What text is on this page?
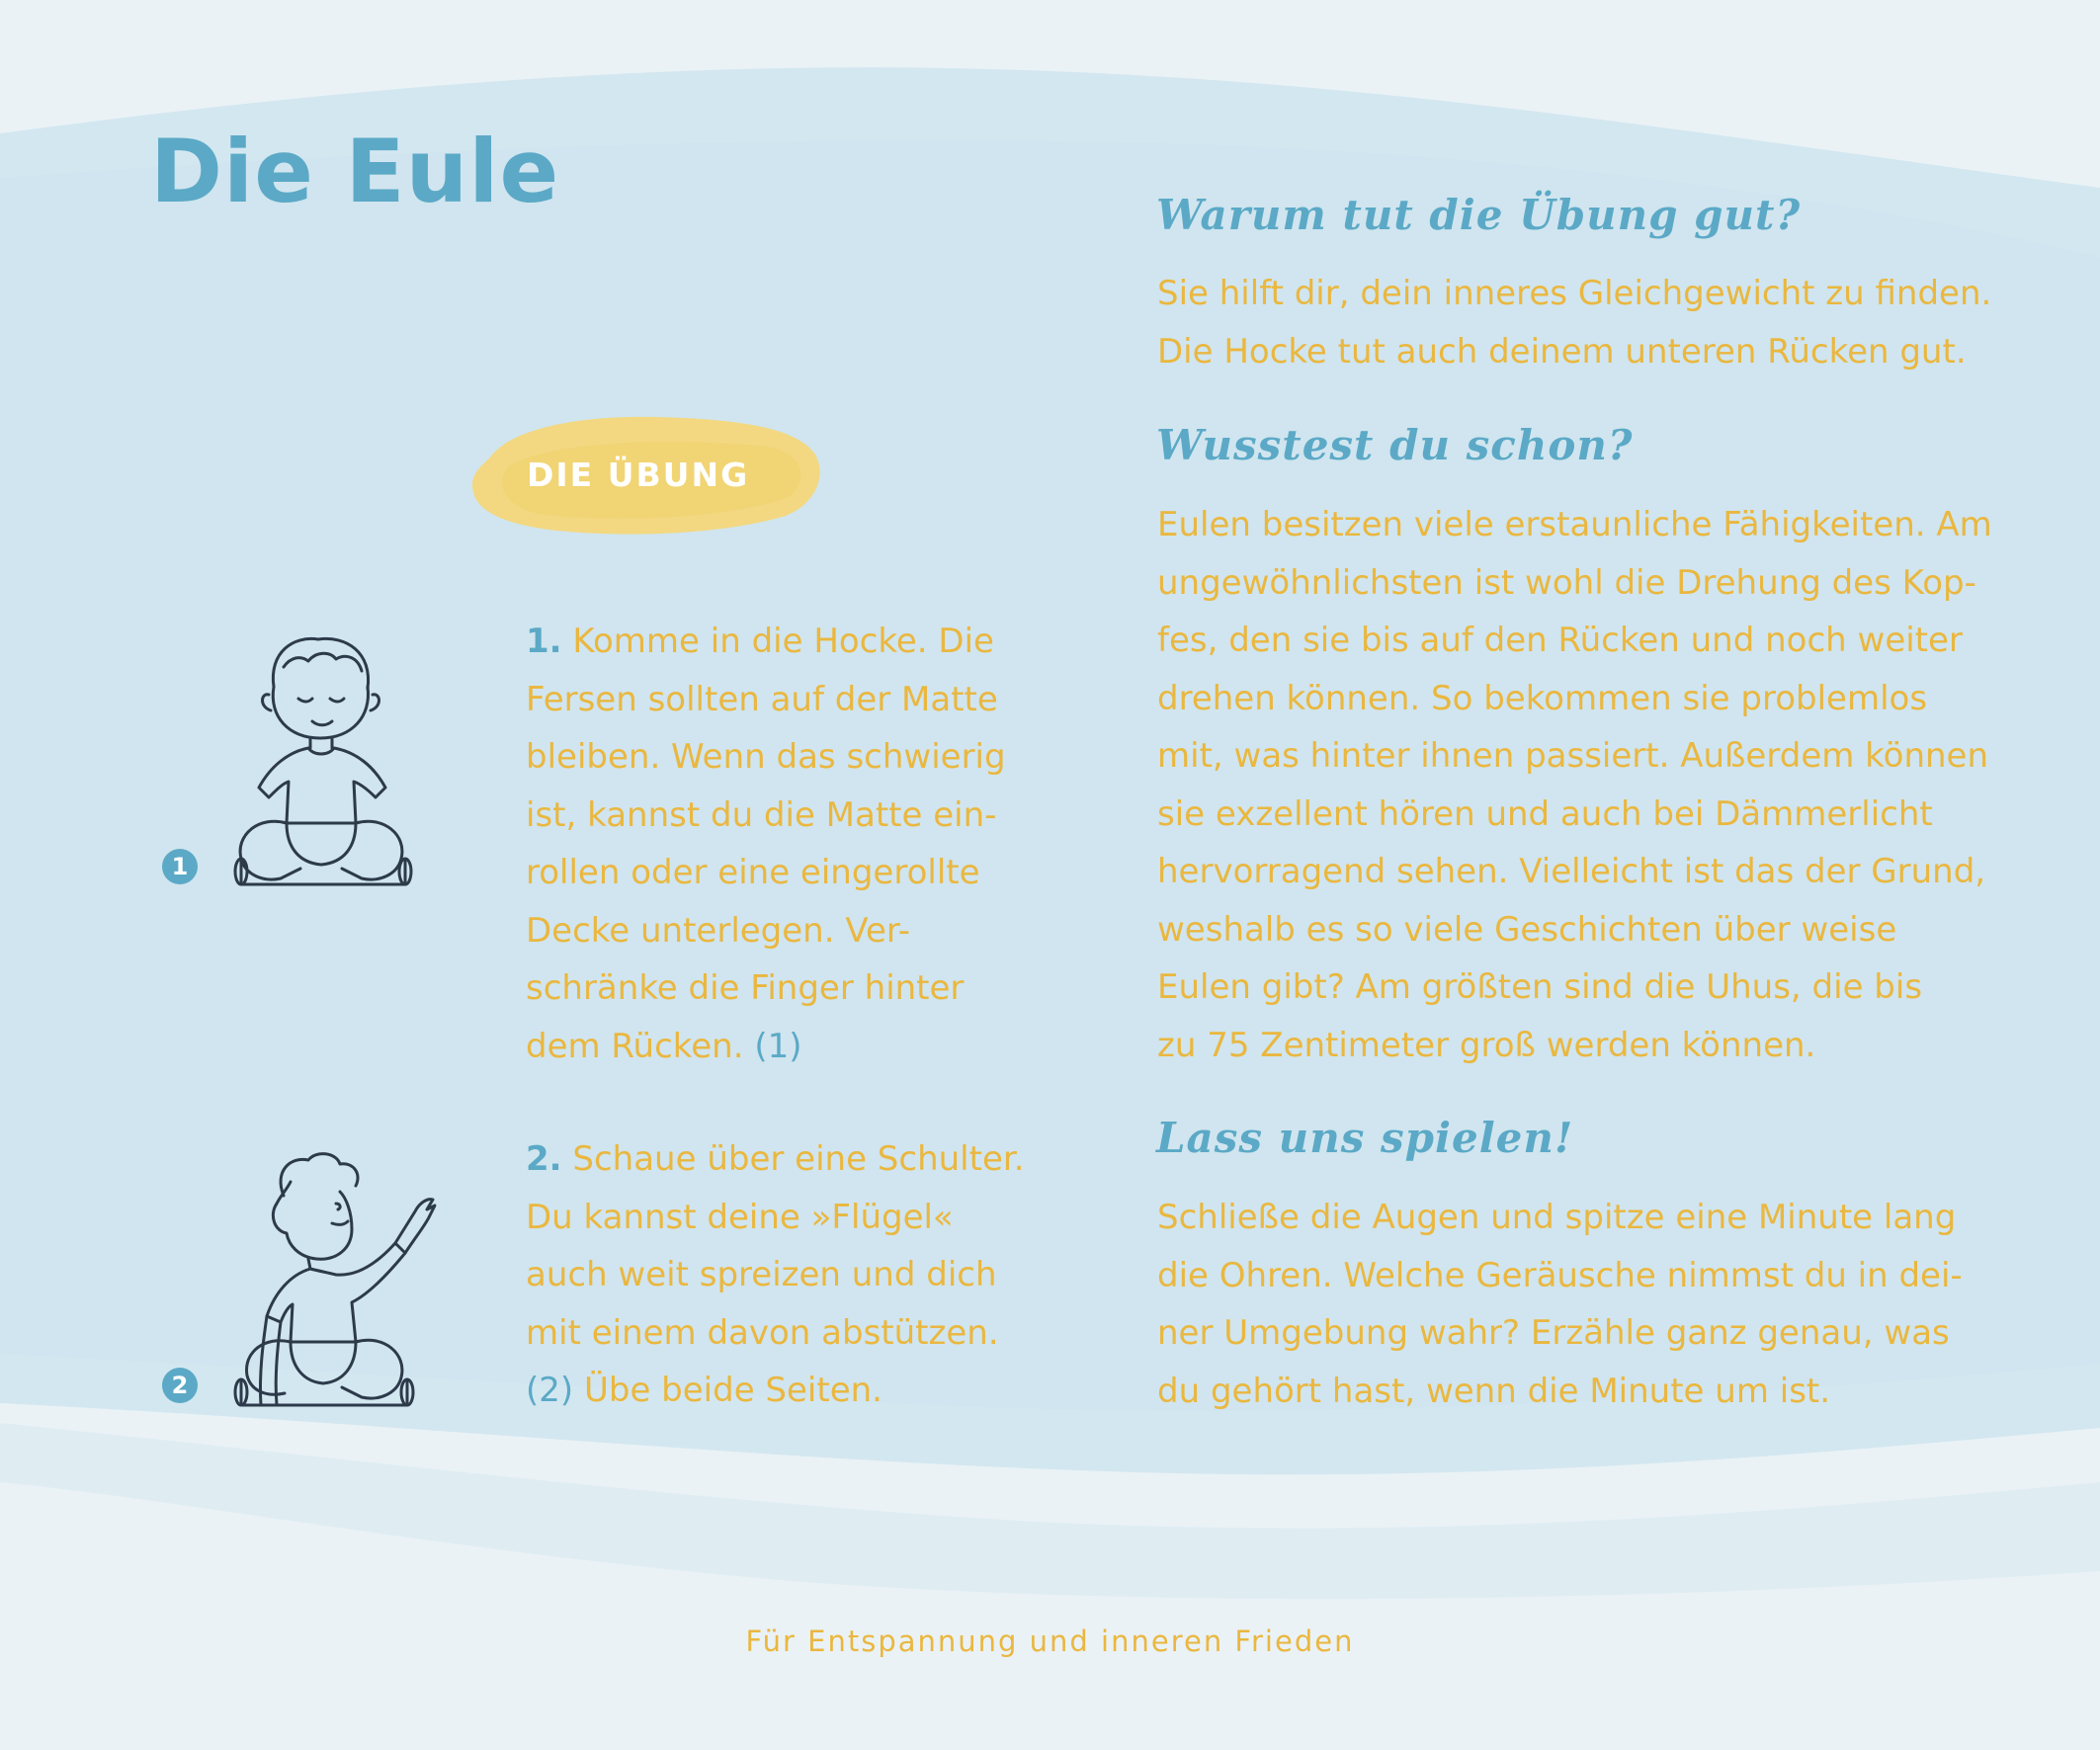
Die Eule
DIE ÜBUNG
1
2
1. Komme in die Hocke. Die
Fersen sollten auf der Matte
bleiben. Wenn das schwierig
ist, kannst du die Matte ein-
rollen oder eine eingerollte
Decke unterlegen. Ver-
schränke die Finger hinter
dem Rücken. (1)
2. Schaue über eine Schulter.
Du kannst deine »Flügel«
auch weit spreizen und dich
mit einem davon abstützen.
(2) Übe beide Seiten.
Warum tut die Übung gut?
Sie hilft dir, dein inneres Gleichgewicht zu finden.
Die Hocke tut auch deinem unteren Rücken gut.
Wusstest du schon?
Eulen besitzen viele erstaunliche Fähigkeiten. Am
ungewöhnlichsten ist wohl die Drehung des Kop-
fes, den sie bis auf den Rücken und noch weiter
drehen können. So bekommen sie problemlos
mit, was hinter ihnen passiert. Außerdem können
sie exzellent hören und auch bei Dämmerlicht
hervorragend sehen. Vielleicht ist das der Grund,
weshalb es so viele Geschichten über weise
Eulen gibt? Am größten sind die Uhus, die bis
zu 75 Zentimeter groß werden können.
Lass uns spielen!
Schließe die Augen und spitze eine Minute lang
die Ohren. Welche Geräusche nimmst du in dei-
ner Umgebung wahr? Erzähle ganz genau, was
du gehört hast, wenn die Minute um ist.
Für Entspannung und inneren Frieden
